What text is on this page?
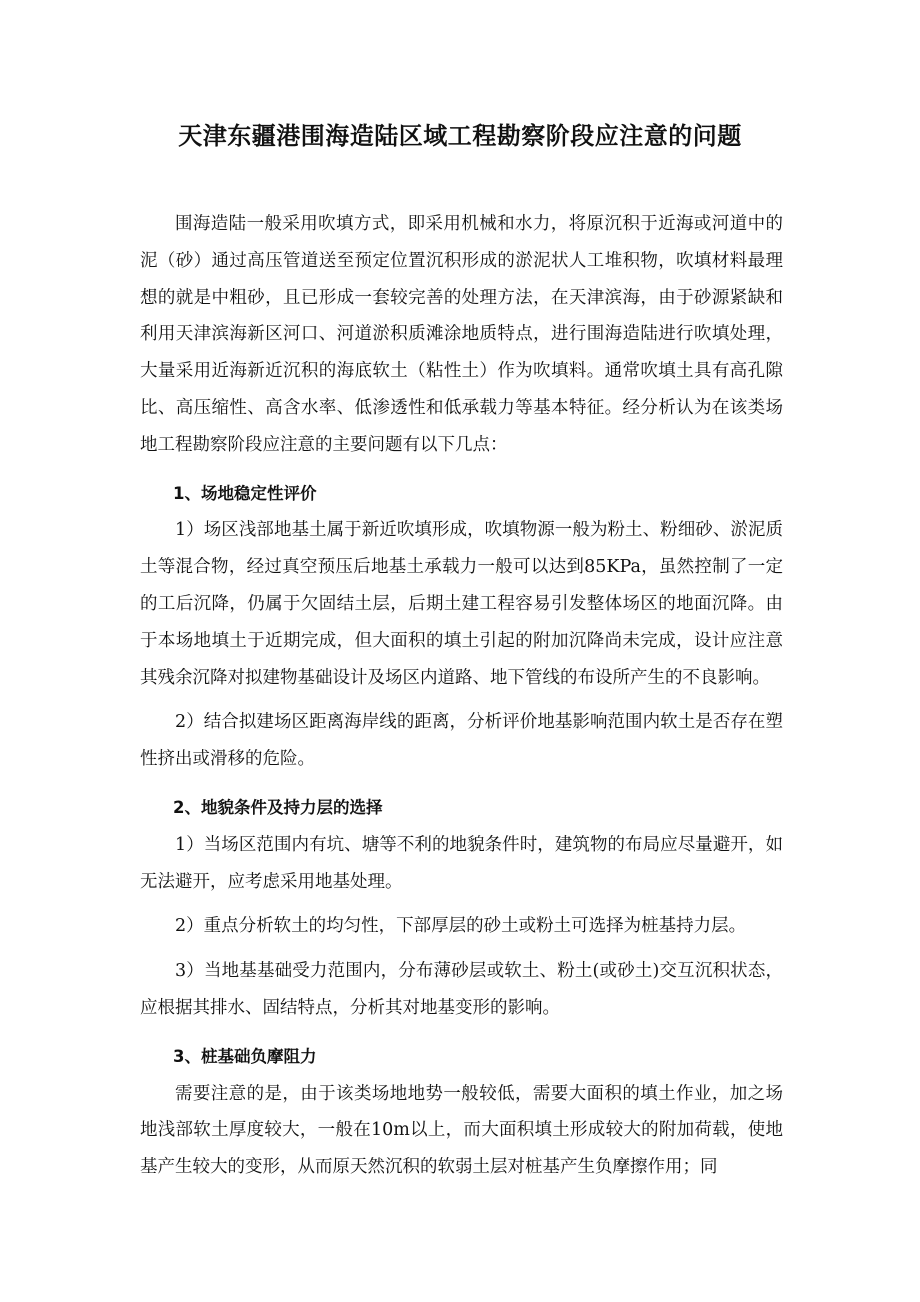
天津东疆港围海造陆区域工程勘察阶段应注意的问题

围海造陆一般采用吹填方式，即采用机械和水力，将原沉积于近海或河道中的泥（砂）通过高压管道送至预定位置沉积形成的淤泥状人工堆积物，吹填材料最理想的就是中粗砂，且已形成一套较完善的处理方法，在天津滨海，由于砂源紧缺和利用天津滨海新区河口、河道淤积质滩涂地质特点，进行围海造陆进行吹填处理，大量采用近海新近沉积的海底软土（粘性土）作为吹填料。通常吹填土具有高孔隙比、高压缩性、高含水率、低渗透性和低承载力等基本特征。经分析认为在该类场地工程勘察阶段应注意的主要问题有以下几点：

1、场地稳定性评价

1）场区浅部地基土属于新近吹填形成，吹填物源一般为粉土、粉细砂、淤泥质土等混合物，经过真空预压后地基土承载力一般可以达到85KPa，虽然控制了一定的工后沉降，仍属于欠固结土层，后期土建工程容易引发整体场区的地面沉降。由于本场地填土于近期完成，但大面积的填土引起的附加沉降尚未完成，设计应注意其残余沉降对拟建物基础设计及场区内道路、地下管线的布设所产生的不良影响。

2）结合拟建场区距离海岸线的距离，分析评价地基影响范围内软土是否存在塑性挤出或滑移的危险。

2、地貌条件及持力层的选择

1）当场区范围内有坑、塘等不利的地貌条件时，建筑物的布局应尽量避开，如无法避开，应考虑采用地基处理。

2）重点分析软土的均匀性，下部厚层的砂土或粉土可选择为桩基持力层。

3）当地基基础受力范围内，分布薄砂层或软土、粉土(或砂土)交互沉积状态，应根据其排水、固结特点，分析其对地基变形的影响。

3、桩基础负摩阻力

需要注意的是，由于该类场地地势一般较低，需要大面积的填土作业，加之场地浅部软土厚度较大，一般在10m以上，而大面积填土形成较大的附加荷载，使地基产生较大的变形，从而原天然沉积的软弱土层对桩基产生负摩擦作用；同
